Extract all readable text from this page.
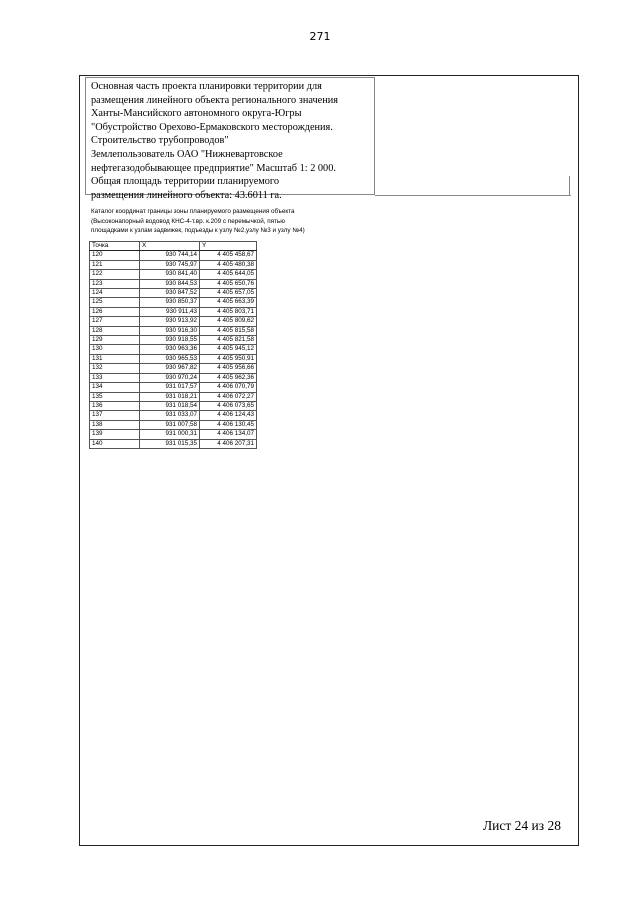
271
Основная часть проекта планировки территории для
размещения линейного объекта регионального значения
Ханты-Мансийского автономного округа-Югры
"Обустройство Орехово-Ермаковского месторождения.
Строительство трубопроводов"
Землепользователь ОАО "Нижневартовское
нефтегазодобывающее предприятие" Масштаб 1: 2 000.
Общая площадь территории планируемого
размещения линейного объекта: 43.6011 га.
Каталог координат границы зоны планируемого размещения объекта
(Высоконапорный водовод КНС-4-т.вр. к.209 с перемычкой, пятью
площадками к узлам задвижек, подъезды к узлу №2,узлу №3 и узлу №4)
Точка	X	Y
120	930 744,14	4 405 458,67
121	930 745,97	4 405 480,38
122	930 841,40	4 405 644,05
123	930 844,53	4 405 650,76
124	930 847,52	4 405 657,05
125	930 850,37	4 405 663,39
126	930 911,43	4 405 803,71
127	930 913,92	4 405 809,62
128	930 916,30	4 405 815,58
129	930 918,55	4 405 821,58
130	930 963,36	4 405 945,12
131	930 965,53	4 405 950,91
132	930 967,82	4 405 956,66
133	930 970,24	4 405 962,36
134	931 017,57	4 406 070,79
135	931 018,21	4 406 072,27
136	931 018,54	4 406 073,65
137	931 033,07	4 406 124,43
138	931 007,58	4 406 130,45
139	931 000,31	4 406 134,07
140	931 015,35	4 406 207,31
Лист 24 из 28
